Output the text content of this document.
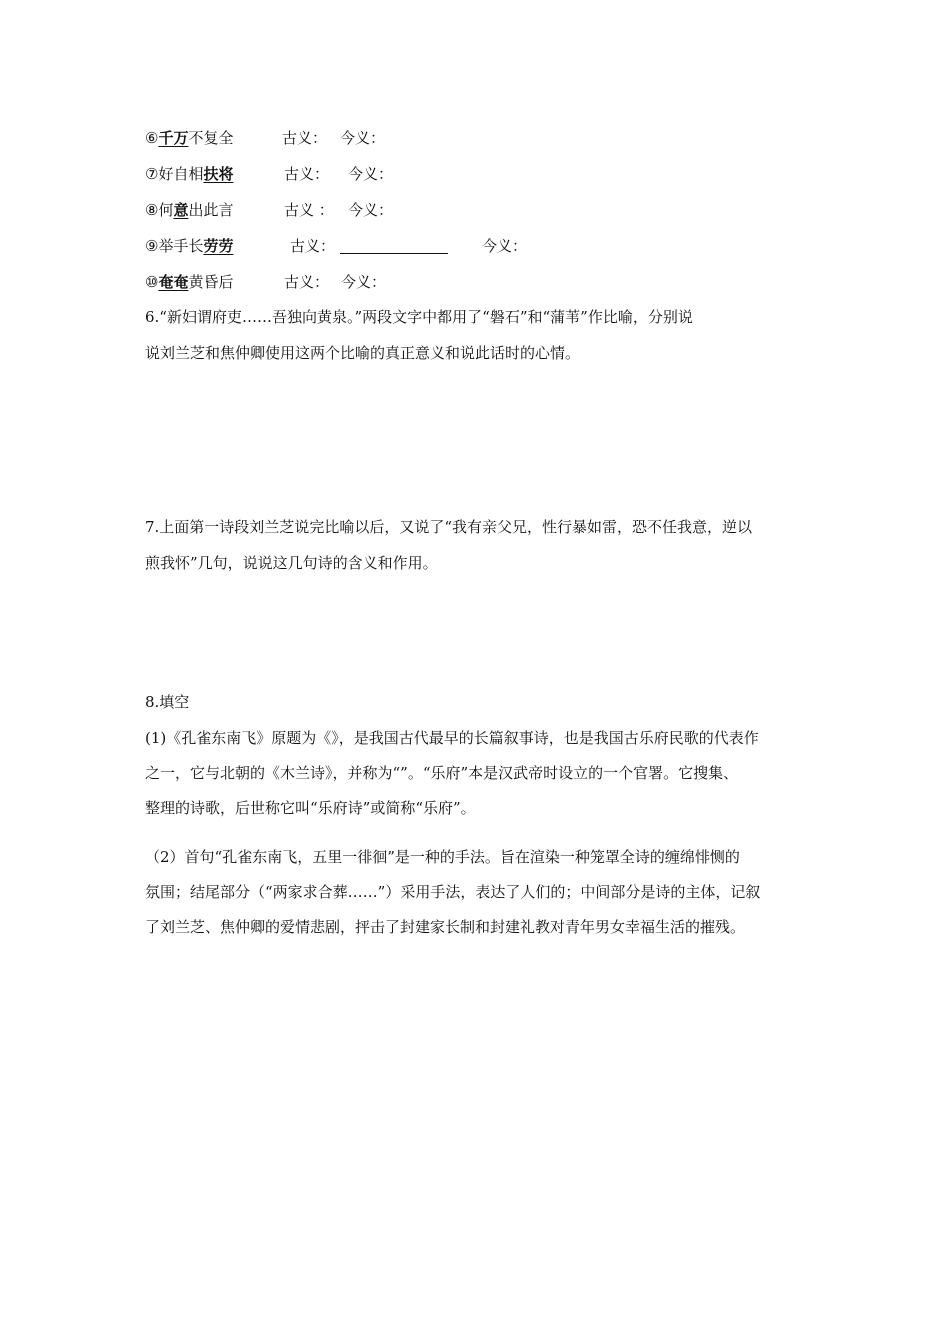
⑥千万不复全	古义： 今义：
⑦好自相扶将	古义： 今义：
⑧何意出此言	古义 ： 今义：
⑨举手长劳劳	古义：	今义：
⑩奄奄黄昏后	古义： 今义：
6.“新妇谓府吏……吾独向黄泉。”两段文字中都用了“磐石”和“蒲苇”作比喻，分别说
说刘兰芝和焦仲卿使用这两个比喻的真正意义和说此话时的心情。
7.上面第一诗段刘兰芝说完比喻以后，又说了“我有亲父兄，性行暴如雷，恐不任我意，逆以
煎我怀”几句，说说这几句诗的含义和作用。
8.填空
(1)《孔雀东南飞》原题为《》，是我国古代最早的长篇叙事诗，也是我国古乐府民歌的代表作
之一，它与北朝的《木兰诗》，并称为“”。“乐府”本是汉武帝时设立的一个官署。它搜集、
整理的诗歌，后世称它叫“乐府诗”或简称“乐府”。
（2）首句“孔雀东南飞，五里一徘徊”是一种的手法。旨在渲染一种笼罩全诗的缠绵悱恻的
氛围；结尾部分（“两家求合葬……”）采用手法，表达了人们的；中间部分是诗的主体，记叙
了刘兰芝、焦仲卿的爱情悲剧，抨击了封建家长制和封建礼教对青年男女幸福生活的摧残。
